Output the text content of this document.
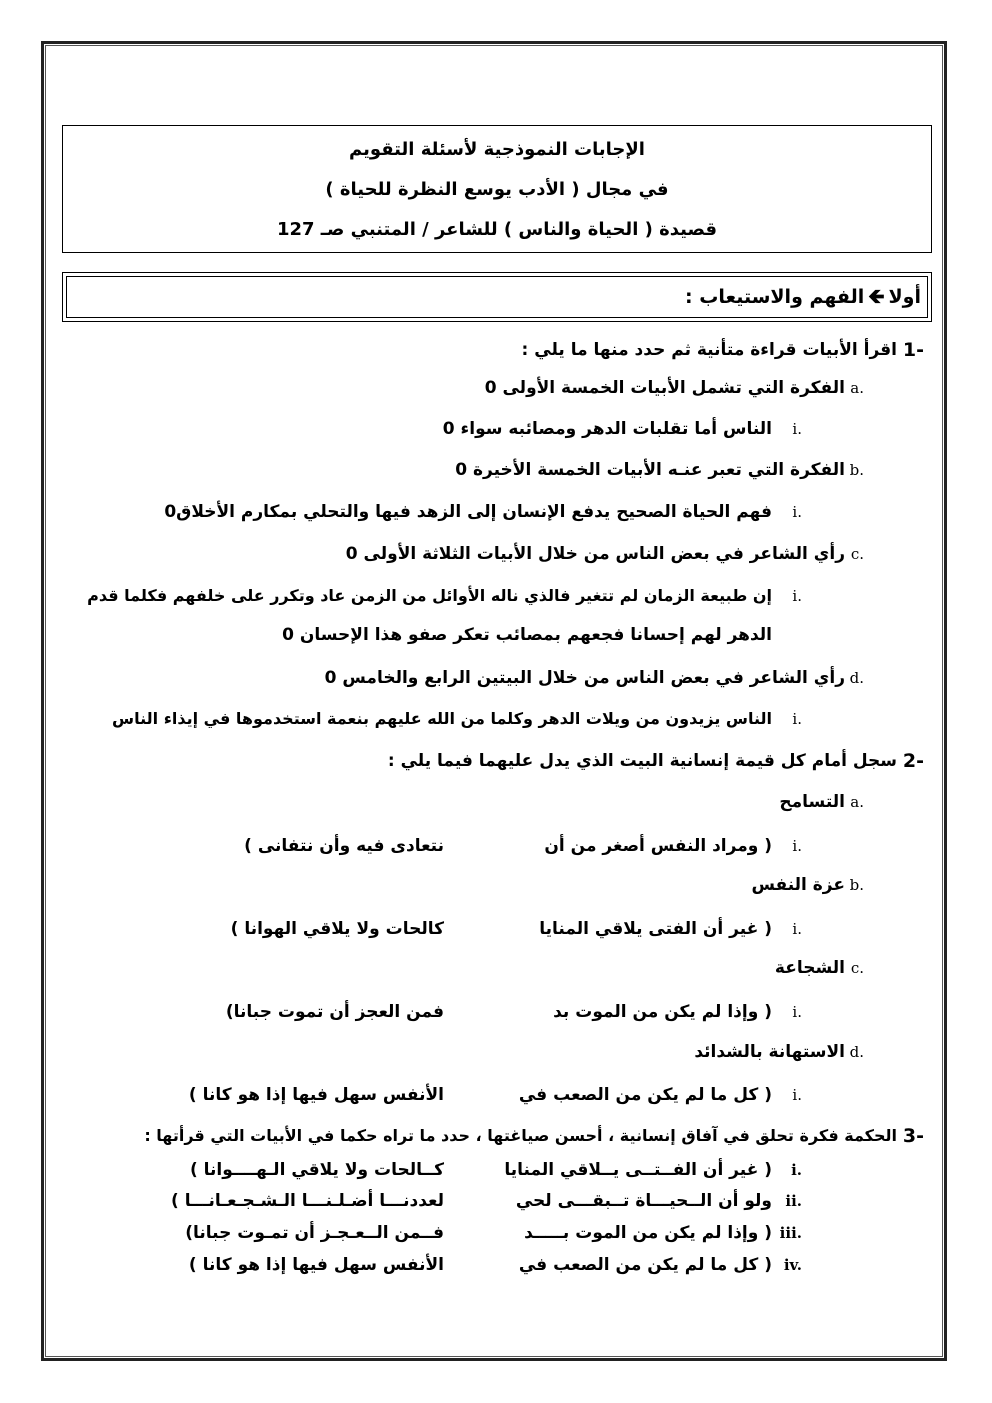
الإجابات النموذجية لأسئلة التقويم
في مجال ( الأدب يوسع النظرة للحياة )
قصيدة ( الحياة والناس ) للشاعر / المتنبي صـ 127
أولا🡸الفهم والاستيعاب :
1-
اقرأ الأبيات قراءة متأنية ثم حدد منها ما يلي :
a.
الفكرة التي تشمل الأبيات الخمسة الأولى 0
i.
الناس أما تقلبات الدهر ومصائبه سواء 0
b.
الفكرة التي تعبر عنـه الأبيات الخمسة الأخيرة 0
i.
فهم الحياة الصحيح يدفع الإنسان إلى الزهد فيها والتحلي بمكارم الأخلاق0
c.
رأي الشاعر في بعض الناس من خلال الأبيات الثلاثة الأولى 0
i.
إن طبيعة الزمان لم تتغير فالذي ناله الأوائل من الزمن عاد وتكرر على خلفهم فكلما قدم
الدهر لهم إحسانا فجعهم بمصائب تعكر صفو هذا الإحسان 0
d.
رأي الشاعر في بعض الناس من خلال البيتين الرابع والخامس 0
i.
الناس يزيدون من ويلات الدهر وكلما من الله عليهم بنعمة استخدموها في إيذاء الناس
2-
سجل أمام كل قيمة إنسانية البيت الذي يدل عليهما فيما يلي :
a.
التسامح
i.
( ومراد النفس أصغر من أن
نتعادى فيه وأن نتفانى )
b.
عزة النفس
i.
( غير أن الفتى يلاقي المنايا
كالحات ولا يلاقي الهوانا )
c.
الشجاعة
i.
( وإذا لم يكن من الموت بد
فمن العجز أن تموت جبانا)
d.
الاستهانة بالشدائد
i.
( كل ما لم يكن من الصعب في
الأنفس سهل فيها إذا هو كانا )
3-
الحكمة فكرة تحلق في آفاق إنسانية ، أحسن صياغتها ، حدد ما تراه حكما في الأبيات التي قرأتها :
i.
( غير أن الفــتــى يــلاقي المنايا
كــالحات ولا يلاقي الـهــــوانا )
ii.
ولو أن الــحيـــاة تــبقـــى لحي
لعددنـــا أضـلـنـــا الـشـجـعـانـــا )
iii.
( وإذا لم يكن من الموت بـــــد
فــمن الــعـجـز أن تمـوت جبانا)
iv.
( كل ما لم يكن من الصعب في
الأنفس سهل فيها إذا هو كانا )
